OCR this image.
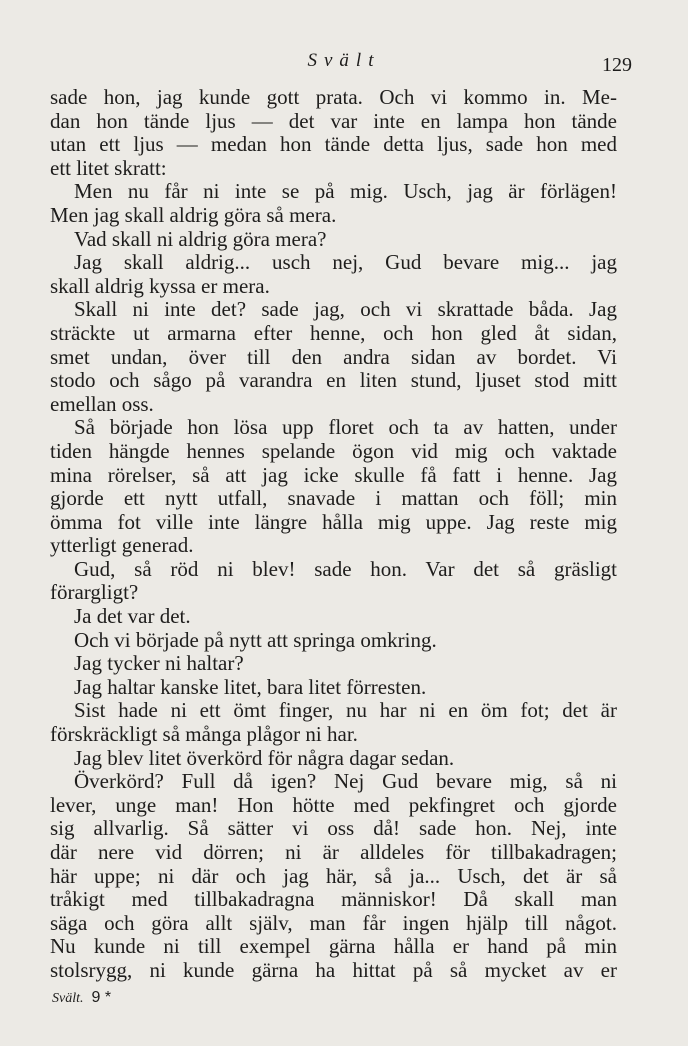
Svält	129
sade hon, jag kunde gott prata. Och vi kommo in. Me-
dan hon tände ljus — det var inte en lampa hon tände
utan ett ljus — medan hon tände detta ljus, sade hon med
ett litet skratt:
Men nu får ni inte se på mig. Usch, jag är förlägen!
Men jag skall aldrig göra så mera.
Vad skall ni aldrig göra mera?
Jag skall aldrig... usch nej, Gud bevare mig... jag
skall aldrig kyssa er mera.
Skall ni inte det? sade jag, och vi skrattade båda. Jag
sträckte ut armarna efter henne, och hon gled åt sidan,
smet undan, över till den andra sidan av bordet. Vi
stodo och sågo på varandra en liten stund, ljuset stod mitt
emellan oss.
Så började hon lösa upp floret och ta av hatten, under
tiden hängde hennes spelande ögon vid mig och vaktade
mina rörelser, så att jag icke skulle få fatt i henne. Jag
gjorde ett nytt utfall, snavade i mattan och föll; min
ömma fot ville inte längre hålla mig uppe. Jag reste mig
ytterligt generad.
Gud, så röd ni blev! sade hon. Var det så gräsligt
förargligt?
Ja det var det.
Och vi började på nytt att springa omkring.
Jag tycker ni haltar?
Jag haltar kanske litet, bara litet förresten.
Sist hade ni ett ömt finger, nu har ni en öm fot; det är
förskräckligt så många plågor ni har.
Jag blev litet överkörd för några dagar sedan.
Överkörd? Full då igen? Nej Gud bevare mig, så ni
lever, unge man! Hon hötte med pekfingret och gjorde
sig allvarlig. Så sätter vi oss då! sade hon. Nej, inte
där nere vid dörren; ni är alldeles för tillbakadragen;
här uppe; ni där och jag här, så ja... Usch, det är så
tråkigt med tillbakadragna människor! Då skall man
säga och göra allt själv, man får ingen hjälp till något.
Nu kunde ni till exempel gärna hålla er hand på min
stolsrygg, ni kunde gärna ha hittat på så mycket av er
Svält. 9 *
